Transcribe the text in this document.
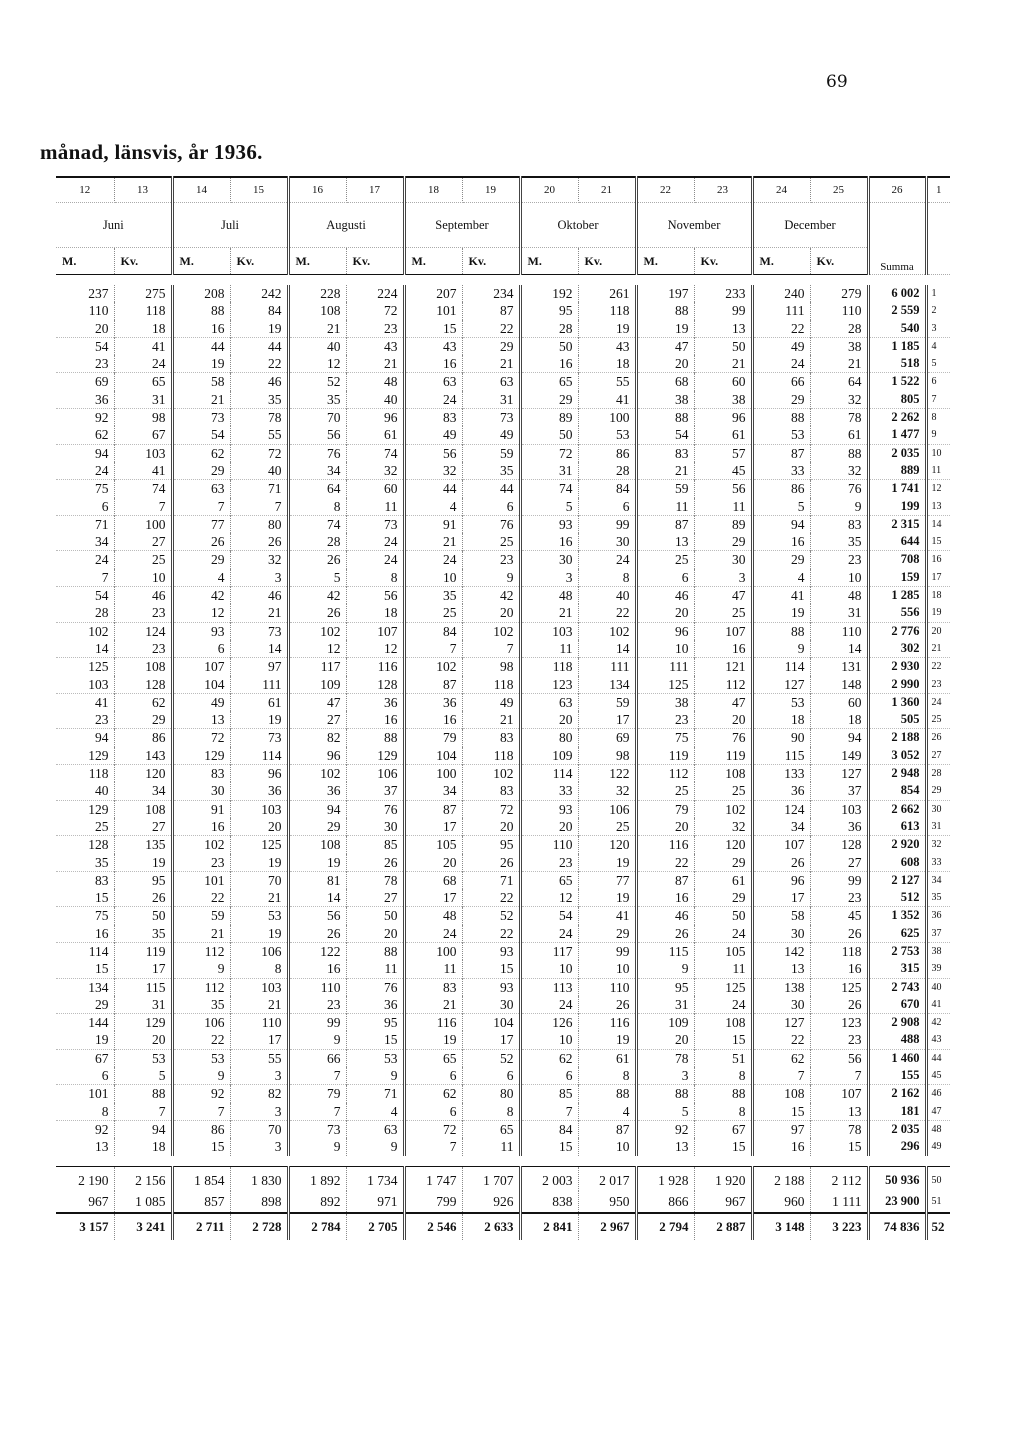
69
månad, länsvis, år 1936.
12	13	14	15	16	17	18	19	20	21	22	23	24	25	26	1
Juni		Juli		Augusti		September		Oktober		November		December		Summa	
M.	Kv.	M.	Kv.	M.	Kv.	M.	Kv.	M.	Kv.	M.	Kv.	M.	Kv.		

237	275	208	242	228	224	207	234	192	261	197	233	240	279	6 002	1
110	118	88	84	108	72	101	87	95	118	88	99	111	110	2 559	2
20	18	16	19	21	23	15	22	28	19	19	13	22	28	540	3
54	41	44	44	40	43	43	29	50	43	47	50	49	38	1 185	4
23	24	19	22	12	21	16	21	16	18	20	21	24	21	518	5
69	65	58	46	52	48	63	63	65	55	68	60	66	64	1 522	6
36	31	21	35	35	40	24	31	29	41	38	38	29	32	805	7
92	98	73	78	70	96	83	73	89	100	88	96	88	78	2 262	8
62	67	54	55	56	61	49	49	50	53	54	61	53	61	1 477	9
94	103	62	72	76	74	56	59	72	86	83	57	87	88	2 035	10
24	41	29	40	34	32	32	35	31	28	21	45	33	32	889	11
75	74	63	71	64	60	44	44	74	84	59	56	86	76	1 741	12
6	7	7	7	8	11	4	6	5	6	11	11	5	9	199	13
71	100	77	80	74	73	91	76	93	99	87	89	94	83	2 315	14
34	27	26	26	28	24	21	25	16	30	13	29	16	35	644	15
24	25	29	32	26	24	24	23	30	24	25	30	29	23	708	16
7	10	4	3	5	8	10	9	3	8	6	3	4	10	159	17
54	46	42	46	42	56	35	42	48	40	46	47	41	48	1 285	18
28	23	12	21	26	18	25	20	21	22	20	25	19	31	556	19
102	124	93	73	102	107	84	102	103	102	96	107	88	110	2 776	20
14	23	6	14	12	12	7	7	11	14	10	16	9	14	302	21
125	108	107	97	117	116	102	98	118	111	111	121	114	131	2 930	22
103	128	104	111	109	128	87	118	123	134	125	112	127	148	2 990	23
41	62	49	61	47	36	36	49	63	59	38	47	53	60	1 360	24
23	29	13	19	27	16	16	21	20	17	23	20	18	18	505	25
94	86	72	73	82	88	79	83	80	69	75	76	90	94	2 188	26
129	143	129	114	96	129	104	118	109	98	119	119	115	149	3 052	27
118	120	83	96	102	106	100	102	114	122	112	108	133	127	2 948	28
40	34	30	36	36	37	34	83	33	32	25	25	36	37	854	29
129	108	91	103	94	76	87	72	93	106	79	102	124	103	2 662	30
25	27	16	20	29	30	17	20	20	25	20	32	34	36	613	31
128	135	102	125	108	85	105	95	110	120	116	120	107	128	2 920	32
35	19	23	19	19	26	20	26	23	19	22	29	26	27	608	33
83	95	101	70	81	78	68	71	65	77	87	61	96	99	2 127	34
15	26	22	21	14	27	17	22	12	19	16	29	17	23	512	35
75	50	59	53	56	50	48	52	54	41	46	50	58	45	1 352	36
16	35	21	19	26	20	24	22	24	29	26	24	30	26	625	37
114	119	112	106	122	88	100	93	117	99	115	105	142	118	2 753	38
15	17	9	8	16	11	11	15	10	10	9	11	13	16	315	39
134	115	112	103	110	76	83	93	113	110	95	125	138	125	2 743	40
29	31	35	21	23	36	21	30	24	26	31	24	30	26	670	41
144	129	106	110	99	95	116	104	126	116	109	108	127	123	2 908	42
19	20	22	17	9	15	19	17	10	19	20	15	22	23	488	43
67	53	53	55	66	53	65	52	62	61	78	51	62	56	1 460	44
6	5	9	3	7	9	6	6	6	8	3	8	7	7	155	45
101	88	92	82	79	71	62	80	85	88	88	88	108	107	2 162	46
8	7	7	3	7	4	6	8	7	4	5	8	15	13	181	47
92	94	86	70	73	63	72	65	84	87	92	67	97	78	2 035	48
13	18	15	3	9	9	7	11	15	10	13	15	16	15	296	49

2 190	2 156	1 854	1 830	1 892	1 734	1 747	1 707	2 003	2 017	1 928	1 920	2 188	2 112	50 936	50
967	1 085	857	898	892	971	799	926	838	950	866	967	960	1 111	23 900	51
3 157	3 241	2 711	2 728	2 784	2 705	2 546	2 633	2 841	2 967	2 794	2 887	3 148	3 223	74 836	52
